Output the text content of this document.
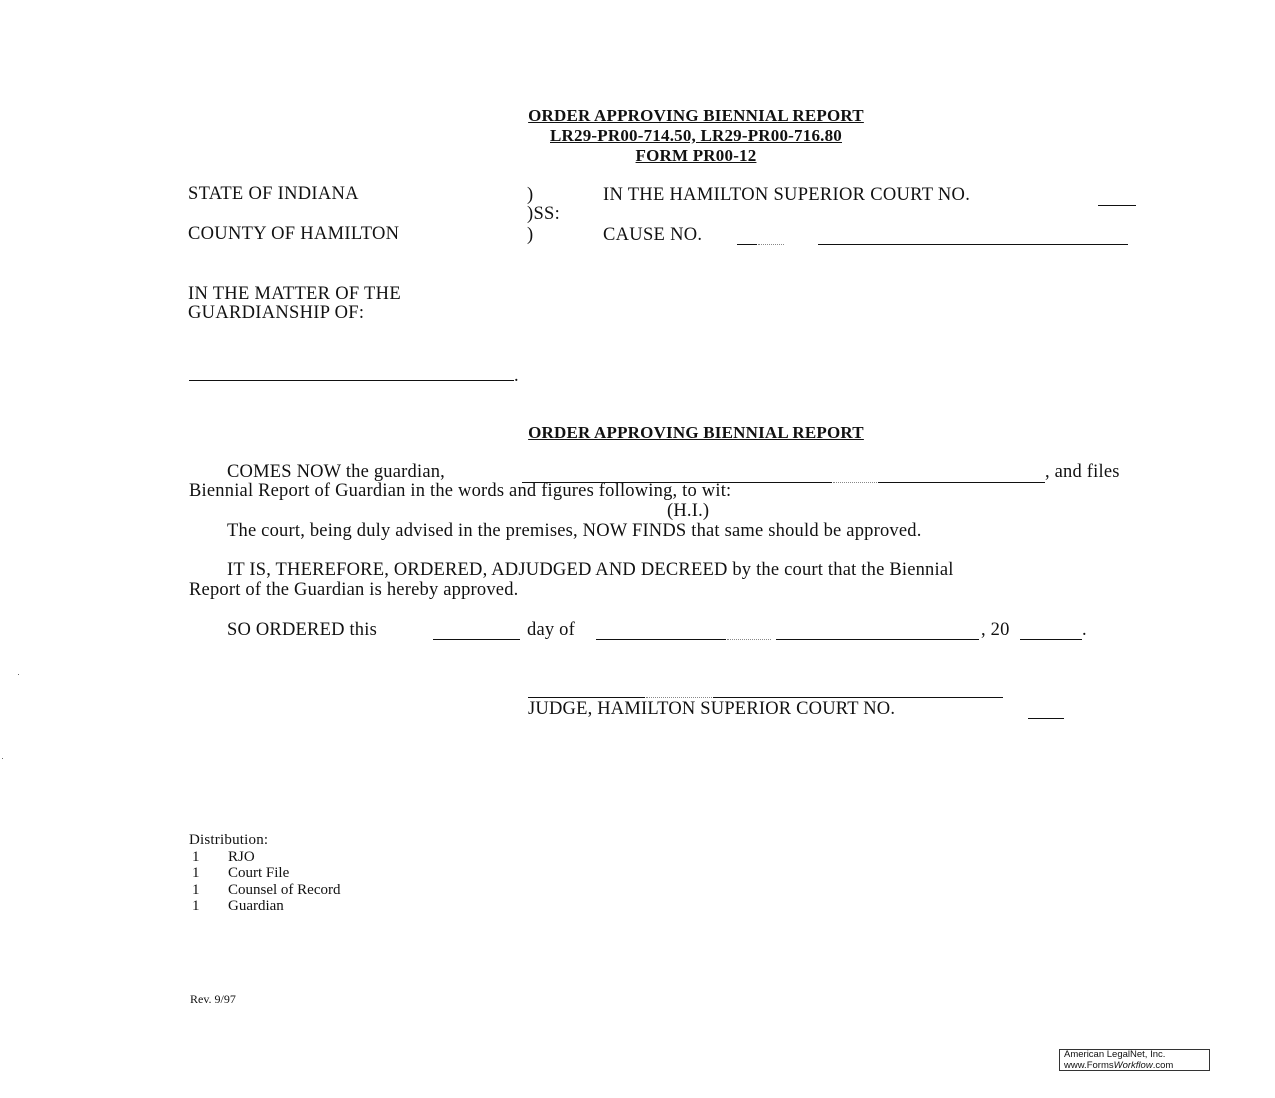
ORDER APPROVING BIENNIAL REPORT
LR29-PR00-714.50, LR29-PR00-716.80
FORM PR00-12
STATE OF INDIANA
COUNTY OF HAMILTON
)
)SS:
)
IN THE HAMILTON SUPERIOR COURT NO.
CAUSE NO.
IN THE MATTER OF THE
GUARDIANSHIP OF:
.
ORDER APPROVING BIENNIAL REPORT
COMES NOW the guardian,	, and files
Biennial Report of Guardian in the words and figures following, to wit:
(H.I.)
The court, being duly advised in the premises, NOW FINDS that same should be approved.
IT IS, THEREFORE, ORDERED, ADJUDGED AND DECREED by the court that the Biennial
Report of the Guardian is hereby approved.
SO ORDERED this	day of	, 20	.
JUDGE, HAMILTON SUPERIOR COURT NO.
Distribution:
1 RJO
1 Court File
1 Counsel of Record
1 Guardian
Rev. 9/97
American LegalNet, Inc.
www.FormsWorkflow.com
